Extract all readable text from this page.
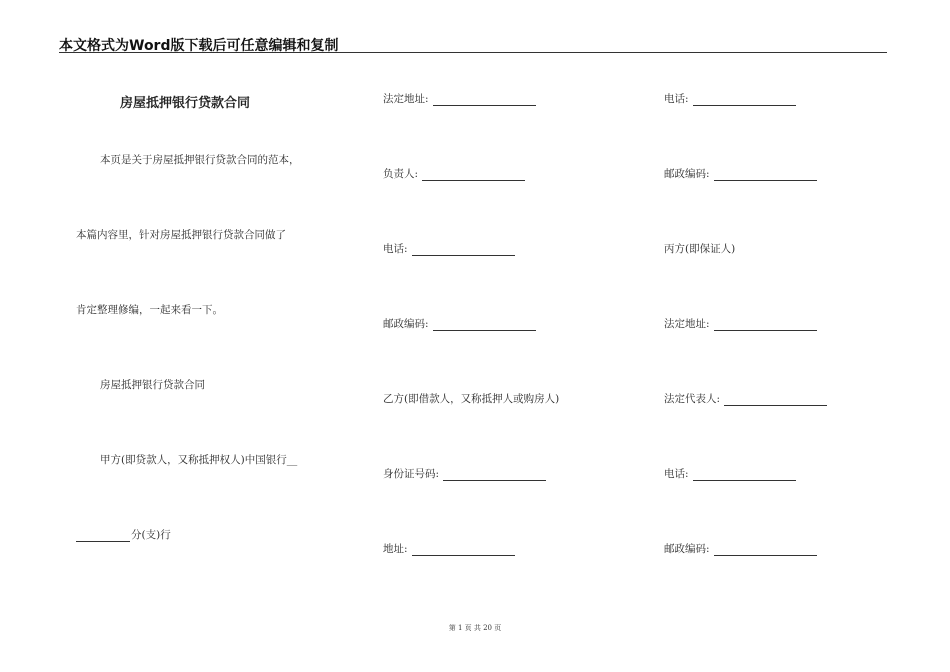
本文格式为Word版下载后可任意编辑和复制
房屋抵押银行贷款合同
本页是关于房屋抵押银行贷款合同的范本，
本篇内容里，针对房屋抵押银行贷款合同做了
肯定整理修编，一起来看一下。
房屋抵押银行贷款合同
甲方(即贷款人，又称抵押权人)中国银行__
分(支)行
法定地址:
负责人:
电话:
邮政编码:
乙方(即借款人，又称抵押人或购房人)
身份证号码:
地址:
电话:
邮政编码:
丙方(即保证人)
法定地址:
法定代表人:
电话:
邮政编码:
第 1 页 共 20 页
